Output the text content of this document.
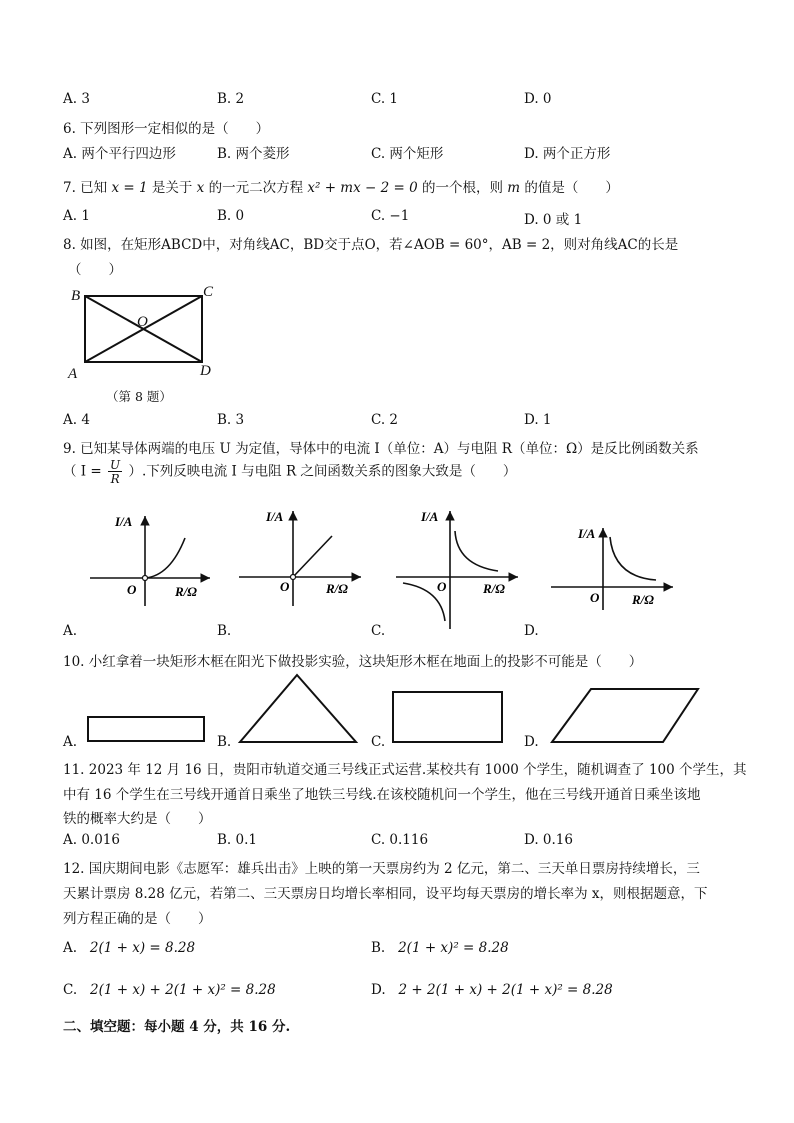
A. 3	B. 2	C. 1	D. 0
6. 下列图形一定相似的是（　　）
A. 两个平行四边形	B. 两个菱形	C. 两个矩形	D. 两个正方形
7. 已知 x = 1 是关于 x 的一元二次方程 x² + mx − 2 = 0 的一个根，则 m 的值是（　　）
A. 1	B. 0	C. −1	D. 0 或 1
8. 如图，在矩形ABCD中，对角线AC，BD交于点O，若∠AOB = 60°，AB = 2，则对角线AC的长是
（　　）
B	C
O
A	D
（第 8 题）
A. 4	B. 3	C. 2	D. 1
9. 已知某导体两端的电压 U 为定值，导体中的电流 I（单位：A）与电阻 R（单位：Ω）是反比例函数关系
（ $I = \frac{U}{R}$ ）.下列反映电流 I 与电阻 R 之间函数关系的图象大致是（　　）
I/A
O	R/Ω
I/A
O	R/Ω
I/A
O	R/Ω
I/A
O	R/Ω
A.	B.	C.	D.
10. 小红拿着一块矩形木框在阳光下做投影实验，这块矩形木框在地面上的投影不可能是（　　）
A.	B.	C.	D.
11. 2023 年 12 月 16 日，贵阳市轨道交通三号线正式运营.某校共有 1000 个学生，随机调查了 100 个学生，其
中有 16 个学生在三号线开通首日乘坐了地铁三号线.在该校随机问一个学生，他在三号线开通首日乘坐该地
铁的概率大约是（　　）
A. 0.016	B. 0.1	C. 0.116	D. 0.16
12. 国庆期间电影《志愿军：雄兵出击》上映的第一天票房约为 2 亿元，第二、三天单日票房持续增长，三
天累计票房 8.28 亿元，若第二、三天票房日均增长率相同，设平均每天票房的增长率为 x，则根据题意，下
列方程正确的是（　　）
A. 2(1 + x) = 8.28	B. 2(1 + x)² = 8.28
C. 2(1 + x) + 2(1 + x)² = 8.28	D. 2 + 2(1 + x) + 2(1 + x)² = 8.28
二、填空题：每小题 4 分，共 16 分.
